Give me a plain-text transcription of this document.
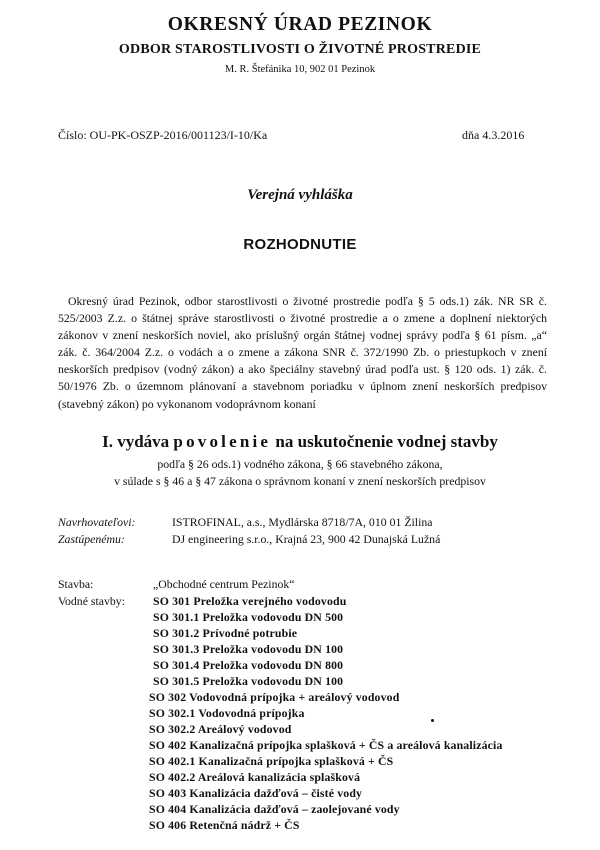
OKRESNÝ ÚRAD PEZINOK
ODBOR STAROSTLIVOSTI O ŽIVOTNÉ PROSTREDIE
M. R. Štefánika 10, 902 01 Pezinok
Číslo: OU-PK-OSZP-2016/001123/I-10/Ka	dňa 4.3.2016
Verejná vyhláška
ROZHODNUTIE

Okresný úrad Pezinok, odbor starostlivosti o životné prostredie podľa § 5 ods.1) zák. NR SR č. 525/2003 Z.z. o štátnej správe starostlivosti o životné prostredie a o zmene a doplnení niektorých zákonov v znení neskorších noviel, ako príslušný orgán štátnej vodnej správy podľa § 61 písm. „a“ zák. č. 364/2004 Z.z. o vodách a o zmene a zákona SNR č. 372/1990 Zb. o priestupkoch v znení neskorších predpisov (vodný zákon) a ako špeciálny stavebný úrad podľa ust. § 120 ods. 1) zák. č. 50/1976 Zb. o územnom plánovaní a stavebnom poriadku v úplnom znení neskorších predpisov (stavebný zákon) po vykonanom vodoprávnom konaní

I. vydáva povolenie na uskutočnenie vodnej stavby
podľa § 26 ods.1) vodného zákona, § 66 stavebného zákona,
v súlade s § 46 a § 47 zákona o správnom konaní v znení neskorších predpisov
Navrhovateľovi:	ISTROFINAL, a.s., Mydlárska 8718/7A, 010 01 Žilina
Zastúpenému:	DJ engineering s.r.o., Krajná 23, 900 42 Dunajská Lužná
Stavba:	„Obchodné centrum Pezinok“
Vodné stavby: SO 301 Preložka verejného vodovodu
SO 301.1 Preložka vodovodu DN 500
SO 301.2 Prívodné potrubie
SO 301.3 Preložka vodovodu DN 100
SO 301.4 Preložka vodovodu DN 800
SO 301.5 Preložka vodovodu DN 100
SO 302 Vodovodná prípojka + areálový vodovod
SO 302.1 Vodovodná prípojka
SO 302.2 Areálový vodovod
SO 402 Kanalizačná prípojka splašková + ČS a areálová kanalizácia
SO 402.1 Kanalizačná prípojka splašková + ČS
SO 402.2 Areálová kanalizácia splašková
SO 403 Kanalizácia dažďová – čisté vody
SO 404 Kanalizácia dažďová – zaolejované vody
SO 406 Retenčná nádrž + ČS
